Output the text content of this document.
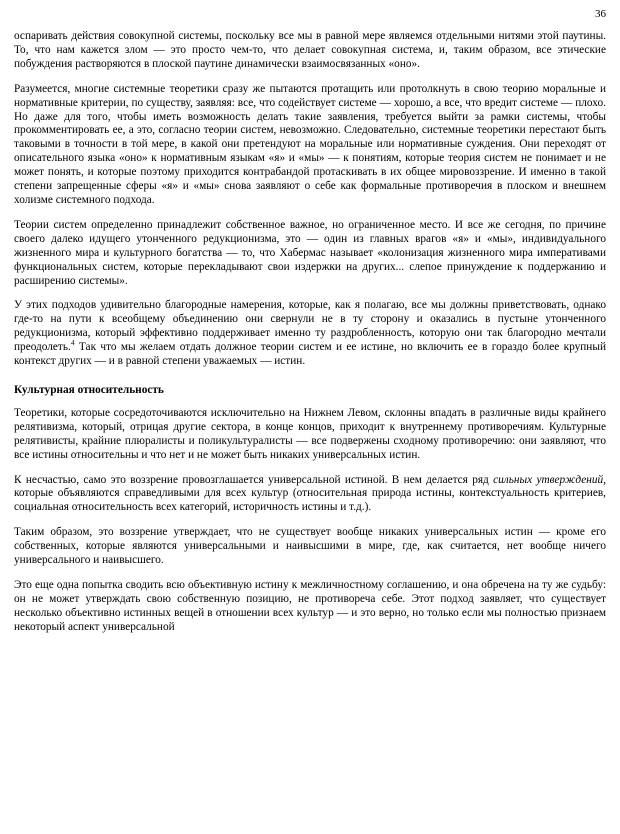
36

оспаривать действия совокупной системы, поскольку все мы в равной мере являемся отдельными нитями этой паутины. То, что нам кажется злом — это просто чем-то, что делает совокупная система, и, таким образом, все этические побуждения растворяются в плоской паутине динамически взаимосвязанных «оно».

Разумеется, многие системные теоретики сразу же пытаются протащить или протолкнуть в свою теорию моральные и нормативные критерии, по существу, заявляя: все, что содействует системе — хорошо, а все, что вредит системе — плохо. Но даже для того, чтобы иметь возможность делать такие заявления, требуется выйти за рамки системы, чтобы прокомментировать ее, а это, согласно теории систем, невозможно. Следовательно, системные теоретики перестают быть таковыми в точности в той мере, в какой они претендуют на моральные или нормативные суждения. Они переходят от описательного языка «оно» к нормативным языкам «я» и «мы» — к понятиям, которые теория систем не понимает и не может понять, и которые поэтому приходится контрабандой протаскивать в их общее мировоззрение. И именно в такой степени запрещенные сферы «я» и «мы» снова заявляют о себе как формальные противоречия в плоском и внешнем холизме системного подхода.

Теории систем определенно принадлежит собственное важное, но ограниченное место. И все же сегодня, по причине своего далеко идущего утонченного редукционизма, это — один из главных врагов «я» и «мы», индивидуального жизненного мира и культурного богатства — то, что Хабермас называет «колонизация жизненного мира императивами функциональных систем, которые перекладывают свои издержки на других... слепое принуждение к поддержанию и расширению системы».

У этих подходов удивительно благородные намерения, которые, как я полагаю, все мы должны приветствовать, однако где-то на пути к всеобщему объединению они свернули не в ту сторону и оказались в пустыне утонченного редукционизма, который эффективно поддерживает именно ту раздробленность, которую они так благородно мечтали преодолеть.$^4$ Так что мы желаем отдать должное теории систем и ее истине, но включить ее в гораздо более крупный контекст других — и в равной степени уважаемых — истин.

Культурная относительность

Теоретики, которые сосредоточиваются исключительно на Нижнем Левом, склонны впадать в различные виды крайнего релятивизма, который, отрицая другие сектора, в конце концов, приходит к внутреннему противоречиям. Культурные релятивисты, крайние плюралисты и поликультуралисты — все подвержены сходному противоречию: они заявляют, что все истины относительны и что нет и не может быть никаких универсальных истин.

К несчастью, само это воззрение провозглашается универсальной истиной. В нем делается ряд сильных утверждений, которые объявляются справедливыми для всех культур (относительная природа истины, контекстуальность критериев, социальная относительность всех категорий, историчность истины и т.д.).

Таким образом, это воззрение утверждает, что не существует вообще никаких универсальных истин — кроме его собственных, которые являются универсальными и наивысшими в мире, где, как считается, нет вообще ничего универсального и наивысшего.

Это еще одна попытка сводить всю объективную истину к межличностному соглашению, и она обречена на ту же судьбу: он не может утверждать свою собственную позицию, не противореча себе. Этот подход заявляет, что существует несколько объективно истинных вещей в отношении всех культур — и это верно, но только если мы полностью признаем некоторый аспект универсальной
